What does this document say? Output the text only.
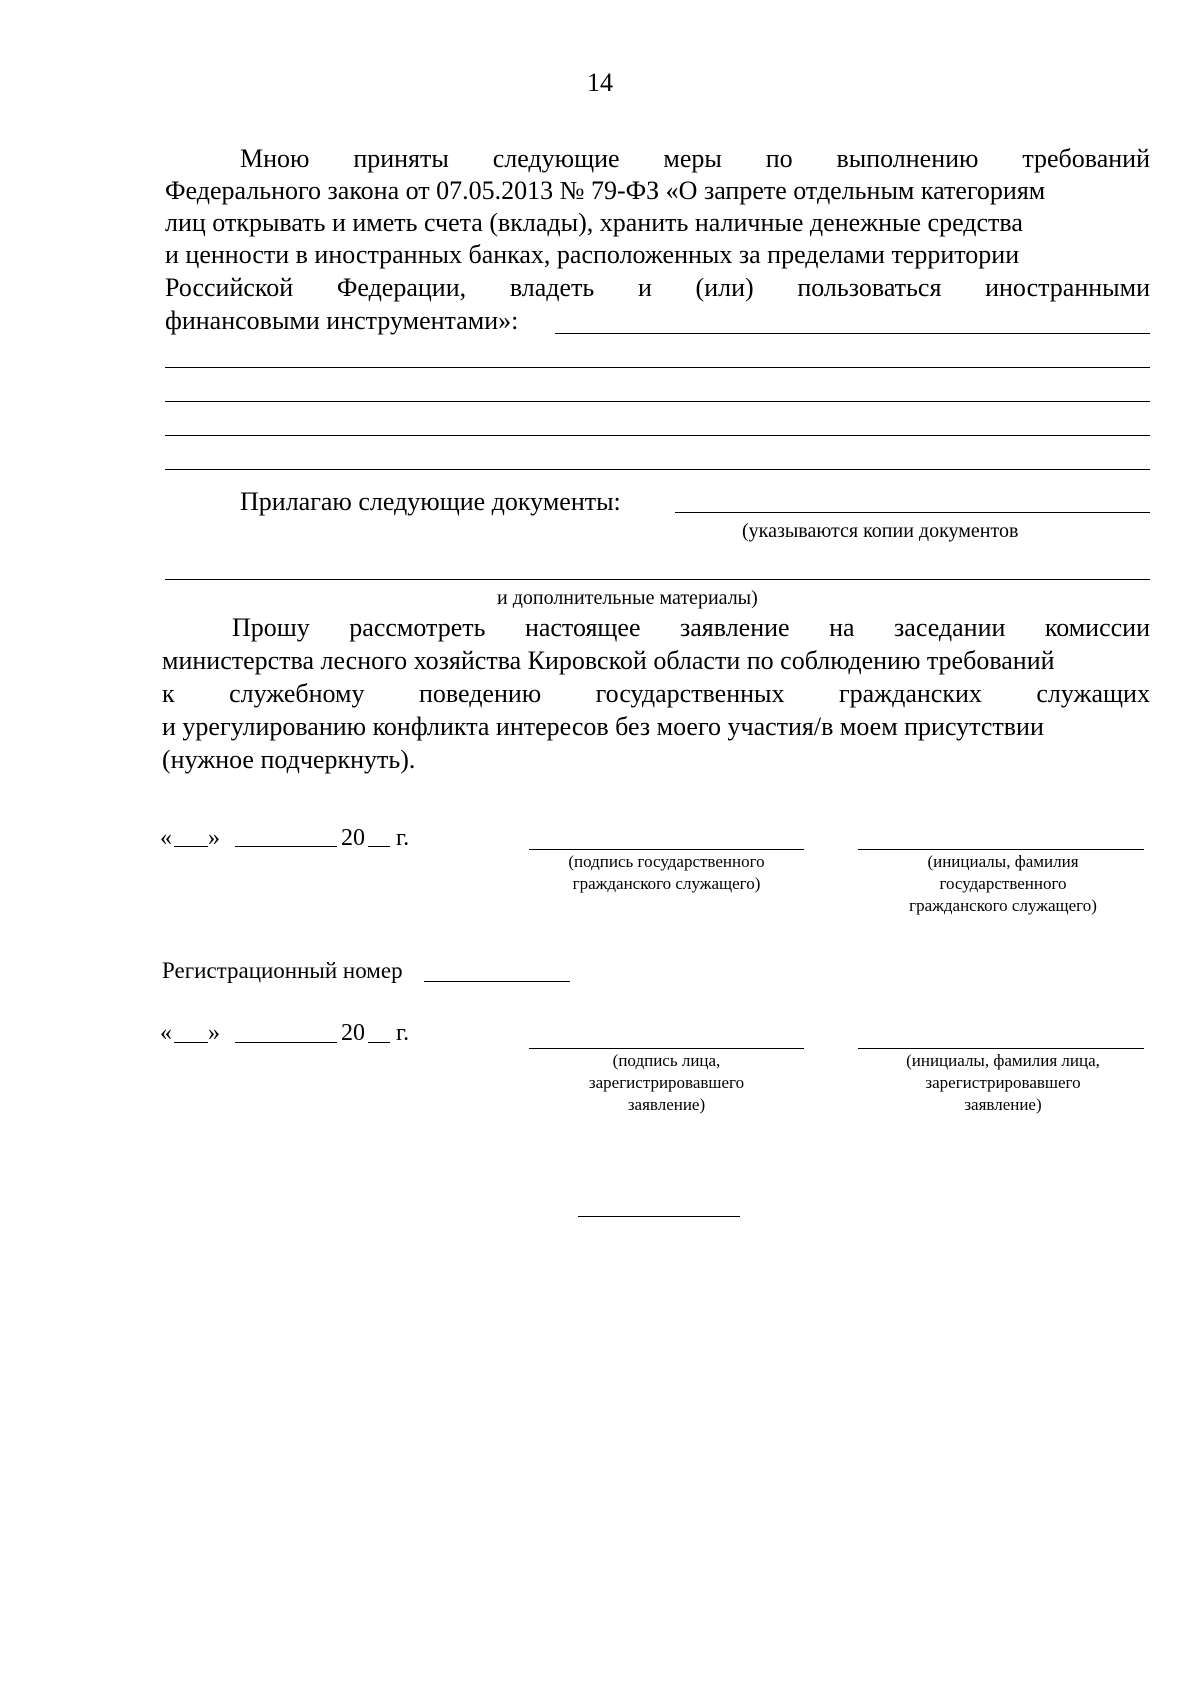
14
Мною приняты следующие меры по выполнению требований
Федерального закона от 07.05.2013 № 79-ФЗ «О запрете отдельным категориям
лиц открывать и иметь счета (вклады), хранить наличные денежные средства
и ценности в иностранных банках, расположенных за пределами территории
Российской Федерации, владеть и (или) пользоваться иностранными
финансовыми инструментами»:
Прилагаю следующие документы:
(указываются копии документов
и дополнительные материалы)
Прошу рассмотреть настоящее заявление на заседании комиссии
министерства лесного хозяйства Кировской области по соблюдению требований
к служебному поведению государственных гражданских служащих
и урегулированию конфликта интересов без моего участия/в моем присутствии
(нужное подчеркнуть).
« »	20 г.
(подпись государственного
гражданского служащего)
(инициалы, фамилия
государственного
гражданского служащего)
Регистрационный номер
« »	20 г.
(подпись лица,
зарегистрировавшего
заявление)
(инициалы, фамилия лица,
зарегистрировавшего
заявление)
